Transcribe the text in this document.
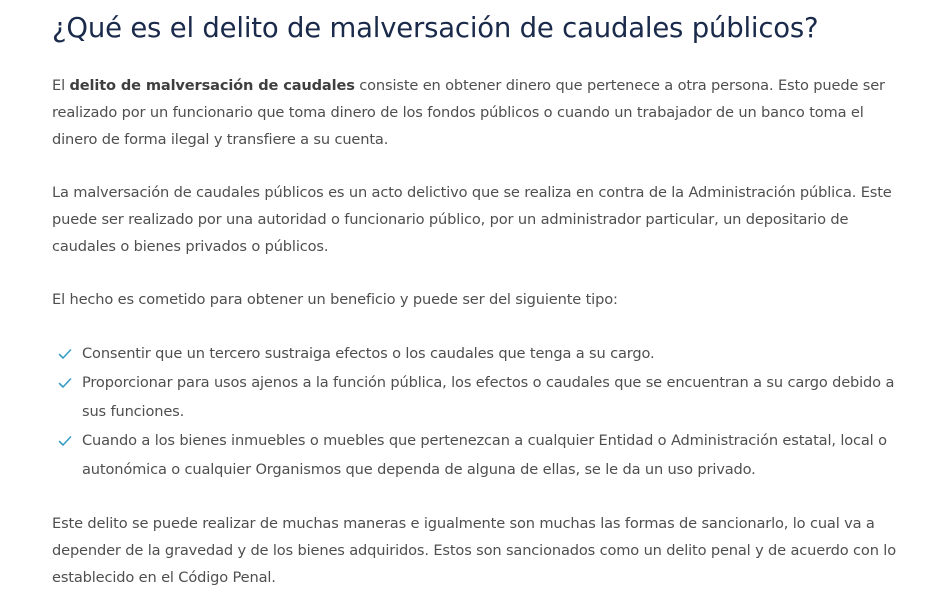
¿Qué es el delito de malversación de caudales públicos?

El delito de malversación de caudales consiste en obtener dinero que pertenece a otra persona. Esto puede ser realizado por un funcionario que toma dinero de los fondos públicos o cuando un trabajador de un banco toma el dinero de forma ilegal y transfiere a su cuenta.

La malversación de caudales públicos es un acto delictivo que se realiza en contra de la Administración pública. Este puede ser realizado por una autoridad o funcionario público, por un administrador particular, un depositario de caudales o bienes privados o públicos.

El hecho es cometido para obtener un beneficio y puede ser del siguiente tipo:

Consentir que un tercero sustraiga efectos o los caudales que tenga a su cargo.
Proporcionar para usos ajenos a la función pública, los efectos o caudales que se encuentran a su cargo debido a sus funciones.
Cuando a los bienes inmuebles o muebles que pertenezcan a cualquier Entidad o Administración estatal, local o autonómica o cualquier Organismos que dependa de alguna de ellas, se le da un uso privado.

Este delito se puede realizar de muchas maneras e igualmente son muchas las formas de sancionarlo, lo cual va a depender de la gravedad y de los bienes adquiridos. Estos son sancionados como un delito penal y de acuerdo con lo establecido en el Código Penal.
